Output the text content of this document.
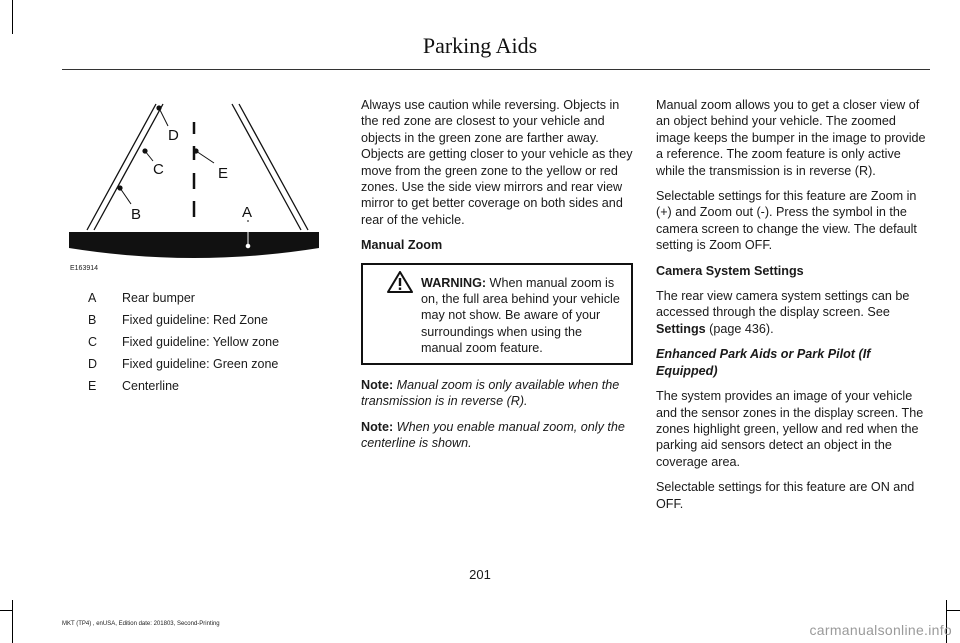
Parking Aids
D
C
B
E
A
E163914
A	Rear bumper
B	Fixed guideline: Red Zone
C	Fixed guideline: Yellow zone
D	Fixed guideline: Green zone
E	Centerline

Always use caution while reversing. Objects in the red zone are closest to your vehicle and objects in the green zone are farther away. Objects are getting closer to your vehicle as they move from the green zone to the yellow or red zones. Use the side view mirrors and rear view mirror to get better coverage on both sides and rear of the vehicle.

Manual Zoom

WARNING: When manual zoom is on, the full area behind your vehicle may not show. Be aware of your surroundings when using the manual zoom feature.

Note: Manual zoom is only available when the transmission is in reverse (R).

Note: When you enable manual zoom, only the centerline is shown.

Manual zoom allows you to get a closer view of an object behind your vehicle. The zoomed image keeps the bumper in the image to provide a reference. The zoom feature is only active while the transmission is in reverse (R).

Selectable settings for this feature are Zoom in (+) and Zoom out (-). Press the symbol in the camera screen to change the view. The default setting is Zoom OFF.

Camera System Settings

The rear view camera system settings can be accessed through the display screen. See Settings (page 436).

Enhanced Park Aids or Park Pilot (If Equipped)

The system provides an image of your vehicle and the sensor zones in the display screen. The zones highlight green, yellow and red when the parking aid sensors detect an object in the coverage area.

Selectable settings for this feature are ON and OFF.

201
MKT (TP4) , enUSA, Edition date: 201803, Second-Printing	carmanualsonline.info
